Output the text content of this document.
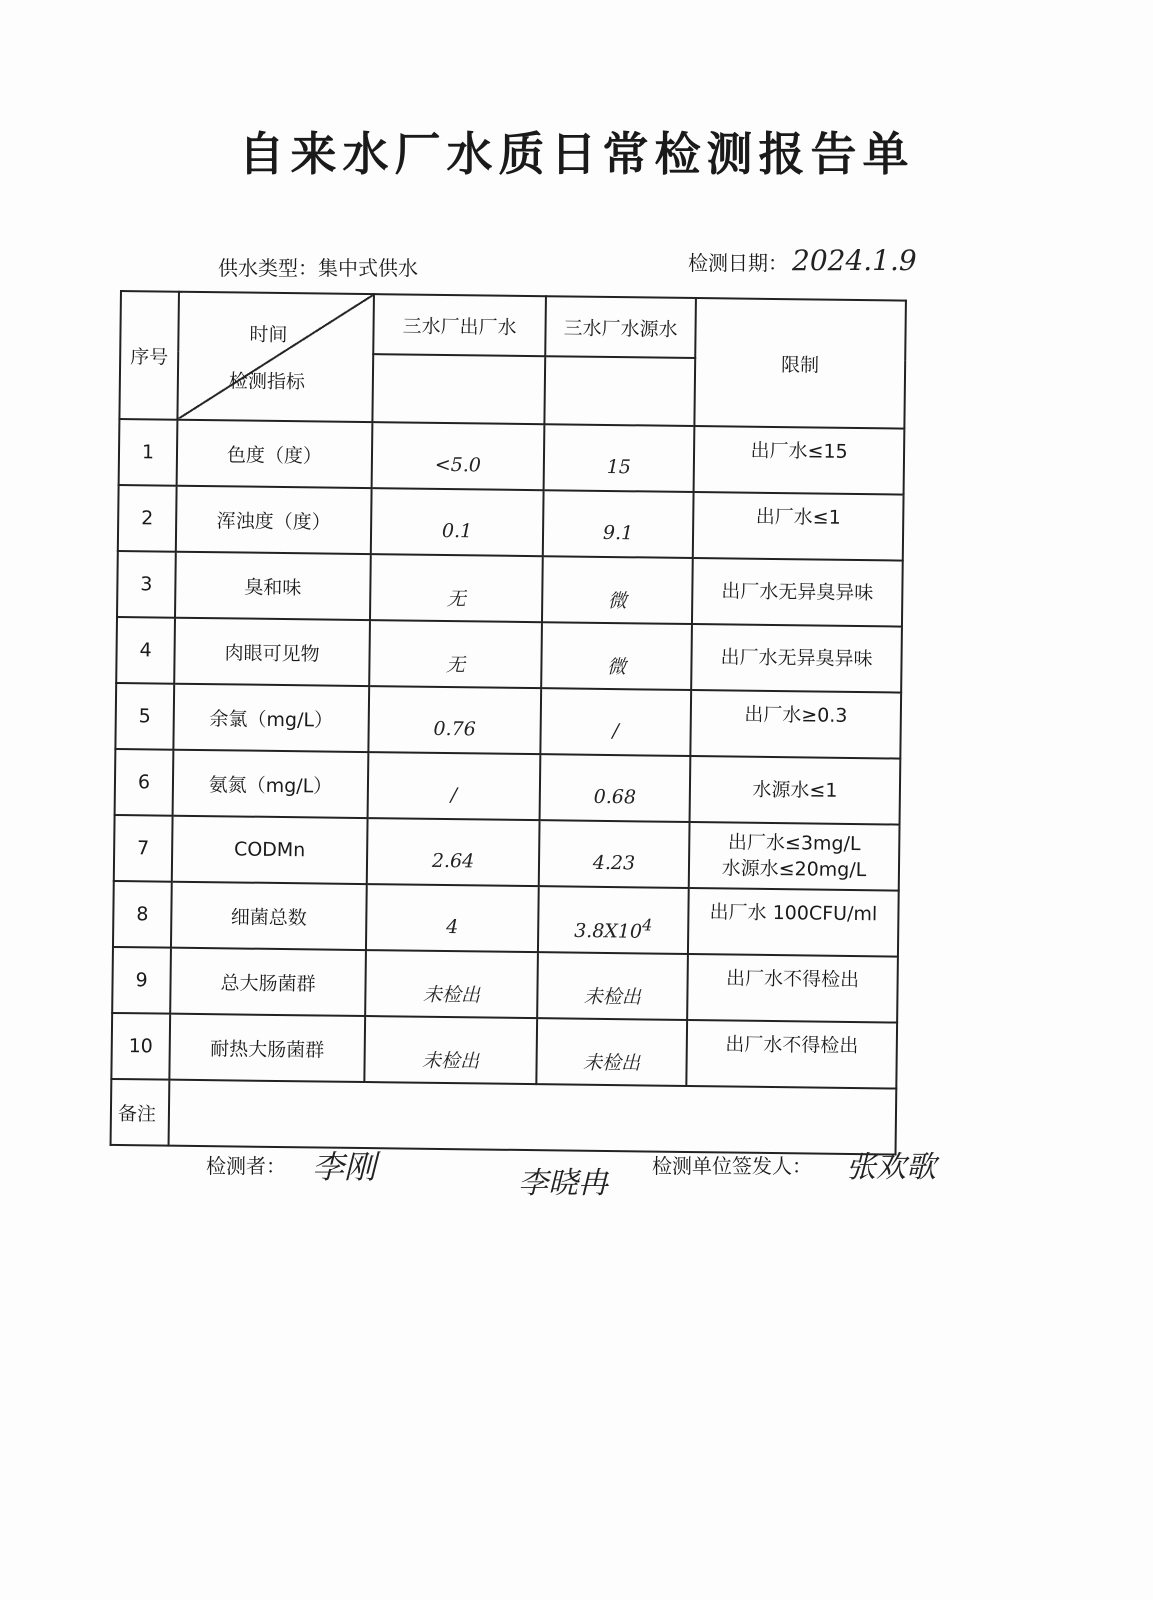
自来水厂水质日常检测报告单
供水类型：集中式供水	检测日期： 2024.1.9
序号	时间
检测指标	三水厂出厂水	三水厂水源水	限制

1	色度（度）	<5.0	15	出厂水≤15
2	浑浊度（度）	0.1	9.1	出厂水≤1
3	臭和味	无	微	出厂水无异臭异味
4	肉眼可见物	无	微	出厂水无异臭异味
5	余氯（mg/L）	0.76	/	出厂水≥0.3
6	氨氮（mg/L）	/	0.68	水源水≤1
7	CODMn	2.64	4.23	出厂水≤3mg/L
水源水≤20mg/L

8	细菌总数	4	$3.8X10^4$	出厂水 100CFU/ml
9	总大肠菌群	未检出	未检出	出厂水不得检出
10	耐热大肠菌群	未检出	未检出	出厂水不得检出
备注				
检测者： 李刚	李晓冉 检测单位签发人： 张欢歌
